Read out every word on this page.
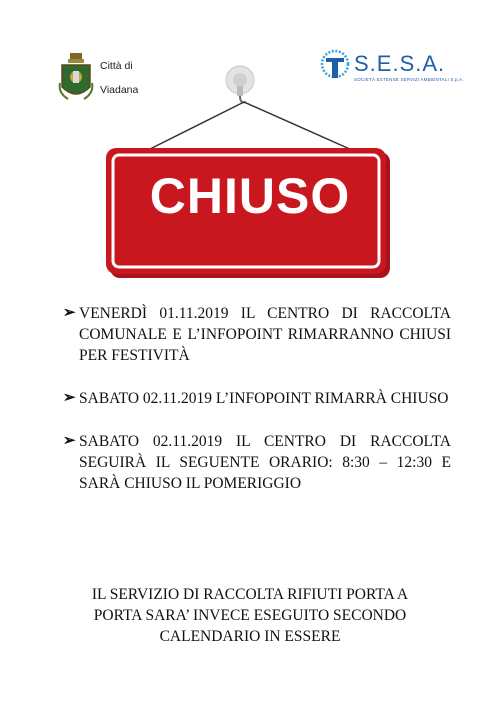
Città di

Viadana

S.E.S.A.
SOCIETÀ ESTENSE SERVIZI AMBIENTALI S.p.A.
CHIUSO
➢ VENERDÌ 01.11.2019 IL CENTRO DI RACCOLTA COMUNALE E L’INFOPOINT RIMARRANNO CHIUSI PER FESTIVITÀ
➢ SABATO 02.11.2019 L’INFOPOINT RIMARRÀ CHIUSO
➢ SABATO 02.11.2019 IL CENTRO DI RACCOLTA SEGUIRÀ IL SEGUENTE ORARIO: 8:30 – 12:30 E SARÀ CHIUSO IL POMERIGGIO
IL SERVIZIO DI RACCOLTA RIFIUTI PORTA A
PORTA SARA’ INVECE ESEGUITO SECONDO
CALENDARIO IN ESSERE
